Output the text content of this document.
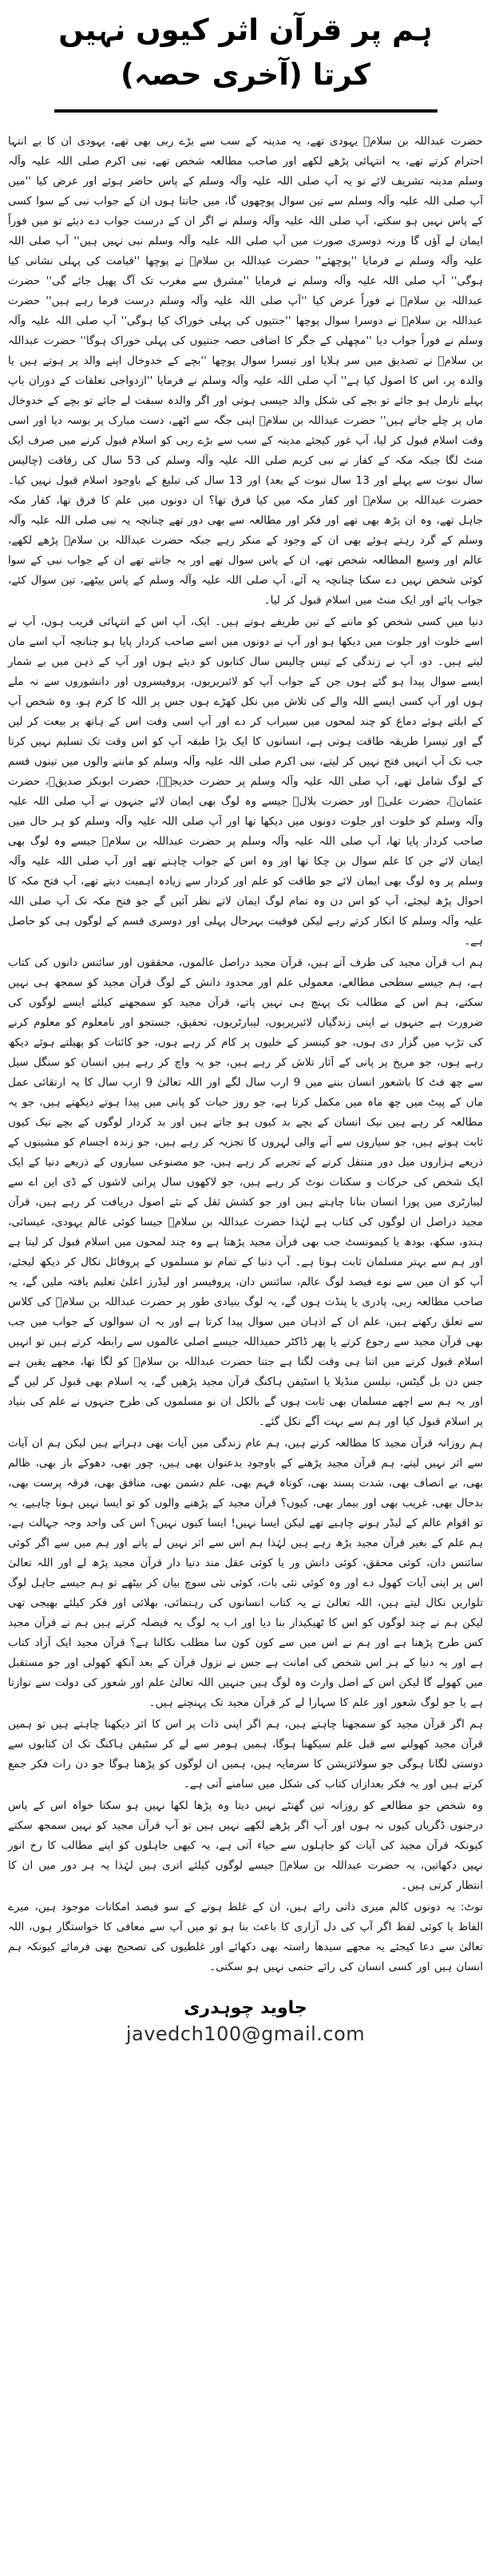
ہم پر قرآن اثر کیوں نہیں کرتا (آخری حصہ)

حضرت عبداللہ بن سلامؓ یہودی تھے، یہ مدینہ کے سب سے بڑے ربی بھی تھے، یہودی ان کا بے انتہا احترام کرتے تھے، یہ انتہائی پڑھے لکھے اور صاحب مطالعہ شخص تھے، نبی اکرم صلی اللہ علیہ وآلہ وسلم مدینہ تشریف لائے تو یہ آپ صلی اللہ علیہ وآلہ وسلم کے پاس حاضر ہوئے اور عرض کیا ''میں آپ صلی اللہ علیہ وآلہ وسلم سے تین سوال پوچھوں گا، میں جانتا ہوں ان کے جواب نبی کے سوا کسی کے پاس نہیں ہو سکتے، آپ صلی اللہ علیہ وآلہ وسلم نے اگر ان کے درست جواب دے دیئے تو میں فوراً ایمان لے آؤں گا ورنہ دوسری صورت میں آپ صلی اللہ علیہ وآلہ وسلم نبی نہیں ہیں'' آپ صلی اللہ علیہ وآلہ وسلم نے فرمایا ''پوچھئے'' حضرت عبداللہ بن سلامؓ نے پوچھا ''قیامت کی پہلی نشانی کیا ہوگی'' آپ صلی اللہ علیہ وآلہ وسلم نے فرمایا ''مشرق سے مغرب تک آگ پھیل جائے گی'' حضرت عبداللہ بن سلامؓ نے فوراً عرض کیا ''آپ صلی اللہ علیہ وآلہ وسلم درست فرما رہے ہیں'' حضرت عبداللہ بن سلامؓ نے دوسرا سوال پوچھا ''جنتیوں کی پہلی خوراک کیا ہوگی'' آپ صلی اللہ علیہ وآلہ وسلم نے فوراً جواب دیا ''مچھلی کے جگر کا اضافی حصہ جنتیوں کی پہلی خوراک ہوگا'' حضرت عبداللہ بن سلامؓ نے تصدیق میں سر ہلایا اور تیسرا سوال پوچھا ''بچے کے خدوخال اپنے والد پر ہوتے ہیں یا والدہ پر، اس کا اصول کیا ہے'' آپ صلی اللہ علیہ وآلہ وسلم نے فرمایا ''ازدواجی تعلقات کے دوران باپ پہلے نارمل ہو جائے تو بچے کی شکل والد جیسی ہوتی اور اگر والدہ سبقت لے جائے تو بچے کے خدوخال ماں پر چلے جاتے ہیں'' حضرت عبداللہ بن سلامؓ اپنی جگہ سے اٹھے، دست مبارک پر بوسہ دیا اور اسی وقت اسلام قبول کر لیا، آپ غور کیجئے مدینہ کے سب سے بڑے ربی کو اسلام قبول کرنے میں صرف ایک منٹ لگا جبکہ مکہ کے کفار نے نبی کریم صلی اللہ علیہ وآلہ وسلم کی 53 سال کی رفاقت (چالیس سال نبوت سے پہلے اور 13 سال نبوت کے بعد) اور 13 سال کی تبلیغ کے باوجود اسلام قبول نہیں کیا۔ حضرت عبداللہ بن سلامؓ اور کفار مکہ میں کیا فرق تھا؟ ان دونوں میں علم کا فرق تھا، کفار مکہ جاہل تھے، وہ ان پڑھ بھی تھے اور فکر اور مطالعہ سے بھی دور تھے چنانچہ یہ نبی صلی اللہ علیہ وآلہ وسلم کے گرد رہتے ہوئے بھی ان کے وجود کے منکر رہے جبکہ حضرت عبداللہ بن سلامؓ پڑھے لکھے، عالم اور وسیع المطالعہ شخص تھے، ان کے پاس سوال تھے اور یہ جانتے تھے ان کے جواب نبی کے سوا کوئی شخص نہیں دے سکتا چنانچہ یہ آئے، آپ صلی اللہ علیہ وآلہ وسلم کے پاس بیٹھے، تین سوال کئے، جواب پائے اور ایک منٹ میں اسلام قبول کر لیا۔

دنیا میں کسی شخص کو ماننے کے تین طریقے ہوتے ہیں۔ ایک، آپ اس کے انتہائی قریب ہوں، آپ نے اسے خلوت اور جلوت میں دیکھا ہو اور آپ نے دونوں میں اسے صاحب کردار پایا ہو چنانچہ آپ اسے مان لیتے ہیں۔ دو، آپ نے زندگی کے تیس چالیس سال کتابوں کو دیئے ہوں اور آپ کے ذہن میں بے شمار ایسے سوال پیدا ہو گئے ہوں جن کے جواب آپ کو لائبریریوں، پروفیسروں اور دانشوروں سے نہ ملے ہوں اور آپ کسی ایسے اللہ والے کی تلاش میں نکل کھڑے ہوں جس پر اللہ کا کرم ہو، وہ شخص آپ کے ابلتے ہوئے دماغ کو چند لمحوں میں سیراب کر دے اور آپ اسی وقت اس کے ہاتھ پر بیعت کر لیں گے اور تیسرا طریقہ طاقت ہوتی ہے، انسانوں کا ایک بڑا طبقہ آپ کو اس وقت تک تسلیم نہیں کرتا جب تک آپ انہیں فتح نہیں کر لیتے، نبی اکرم صلی اللہ علیہ وآلہ وسلم کو ماننے والوں میں تینوں قسم کے لوگ شامل تھے، آپ صلی اللہ علیہ وآلہ وسلم پر حضرت خدیجہؓ، حضرت ابوبکر صدیقؓ، حضرت عثمانؓ، حضرت علیؓ اور حضرت بلالؓ جیسے وہ لوگ بھی ایمان لائے جنہوں نے آپ صلی اللہ علیہ وآلہ وسلم کو خلوت اور جلوت دونوں میں دیکھا تھا اور آپ صلی اللہ علیہ وآلہ وسلم کو ہر حال میں صاحب کردار پایا تھا، آپ صلی اللہ علیہ وآلہ وسلم پر حضرت عبداللہ بن سلامؓ جیسے وہ لوگ بھی ایمان لائے جن کا علم سوال بن چکا تھا اور وہ اس کے جواب چاہتے تھے اور آپ صلی اللہ علیہ وآلہ وسلم پر وہ لوگ بھی ایمان لائے جو طاقت کو علم اور کردار سے زیادہ اہمیت دیتے تھے، آپ فتح مکہ کا احوال پڑھ لیجئے، آپ کو اس دن وہ تمام لوگ ایمان لاتے نظر آئیں گے جو فتح مکہ تک آپ صلی اللہ علیہ وآلہ وسلم کا انکار کرتے رہے لیکن فوقیت بہرحال پہلی اور دوسری قسم کے لوگوں ہی کو حاصل ہے۔

ہم اب قرآن مجید کی طرف آتے ہیں، قرآن مجید دراصل عالموں، محققوں اور سائنس دانوں کی کتاب ہے، ہم جیسے سطحی مطالعے، معمولی علم اور محدود دانش کے لوگ قرآن مجید کو سمجھ ہی نہیں سکتے، ہم اس کے مطالب تک پہنچ ہی نہیں پاتے، قرآن مجید کو سمجھنے کیلئے ایسے لوگوں کی ضرورت ہے جنہوں نے اپنی زندگیاں لائبریریوں، لیبارٹریوں، تحقیق، جستجو اور نامعلوم کو معلوم کرنے کی تڑپ میں گزار دی ہوں، جو کینسر کے خلیوں پر کام کر رہے ہوں، جو کائنات کو پھیلتے ہوئے دیکھ رہے ہوں، جو مریخ پر پانی کے آثار تلاش کر رہے ہیں، جو یہ واچ کر رہے ہیں انسان کو سنگل سیل سے چھ فٹ کا باشعور انسان بننے میں 9 ارب سال لگے اور اللہ تعالیٰ 9 ارب سال کا یہ ارتقائی عمل ماں کے پیٹ میں چھ ماہ میں مکمل کرتا ہے، جو روز حیات کو پانی میں پیدا ہوتے دیکھتے ہیں، جو یہ مطالعہ کر رہے ہیں نیک انسان کے بچے بد کیوں ہو جاتے ہیں اور بد کردار لوگوں کے بچے نیک کیوں ثابت ہوتے ہیں، جو سیاروں سے آنے والی لہروں کا تجزیہ کر رہے ہیں، جو زندہ اجسام کو مشینوں کے ذریعے ہزاروں میل دور منتقل کرنے کے تجربے کر رہے ہیں، جو مصنوعی سیاروں کے ذریعے دنیا کے ایک ایک شخص کی حرکات و سکنات نوٹ کر رہے ہیں، جو لاکھوں سال پرانی لاشوں کے ڈی این اے سے لیبارٹری میں پورا انسان بنانا چاہتے ہیں اور جو کشش ثقل کے نئے اصول دریافت کر رہے ہیں، قرآن مجید دراصل ان لوگوں کی کتاب ہے لہٰذا حضرت عبداللہ بن سلامؓ جیسا کوئی عالم یہودی، عیسائی، ہندو، سکھ، بودھ یا کیمونسٹ جب بھی قرآن مجید پڑھتا ہے وہ چند لمحوں میں اسلام قبول کر لیتا ہے اور ہم سے بہتر مسلمان ثابت ہوتا ہے۔ آپ دنیا کے تمام نو مسلموں کے پروفائل نکال کر دیکھ لیجئے، آپ کو ان میں سے نوے فیصد لوگ عالم، سائنس دان، پروفیسر اور لیڈرز اعلیٰ تعلیم یافتہ ملیں گے، یہ صاحب مطالعہ ربی، پادری یا پنڈت ہوں گے، یہ لوگ بنیادی طور پر حضرت عبداللہ بن سلامؓ کی کلاس سے تعلق رکھتے ہیں، علم ان کے اذہان میں سوال پیدا کرتا ہے اور یہ ان سوالوں کے جواب میں جب بھی قرآن مجید سے رجوع کرتے یا پھر ڈاکٹر حمیداللہ جیسے اصلی عالموں سے رابطہ کرتے ہیں تو انہیں اسلام قبول کرنے میں اتنا ہی وقت لگتا ہے جتنا حضرت عبداللہ بن سلامؓ کو لگا تھا، مجھے یقین ہے جس دن بل گیٹس، نیلسن منڈیلا یا اسٹیفن ہاکنگ قرآن مجید پڑھیں گے، یہ اسلام بھی قبول کر لیں گے اور یہ ہم سے اچھے مسلمان بھی ثابت ہوں گے بالکل ان نو مسلموں کی طرح جنہوں نے علم کی بنیاد پر اسلام قبول کیا اور ہم سے بہت آگے نکل گئے۔

ہم روزانہ قرآن مجید کا مطالعہ کرتے ہیں، ہم عام زندگی میں آیات بھی دہراتے ہیں لیکن ہم ان آیات سے اثر نہیں لیتے، ہم قرآن مجید پڑھنے کے باوجود بدعنوان بھی ہیں، چور بھی، دھوکے باز بھی، ظالم بھی، بے انصاف بھی، شدت پسند بھی، کوتاہ فہم بھی، علم دشمن بھی، منافق بھی، فرقہ پرست بھی، بدحال بھی، غریب بھی اور بیمار بھی، کیوں؟ قرآن مجید کے پڑھنے والوں کو تو ایسا نہیں ہونا چاہیے، یہ تو اقوام عالم کے لیڈر ہونے چاہیے تھے لیکن ایسا نہیں! ایسا کیوں نہیں؟ اس کی واحد وجہ جہالت ہے، ہم علم کے بغیر قرآن مجید پڑھ رہے ہیں لہٰذا ہم اس سے اثر نہیں لے پاتے اور ہم میں سے اگر کوئی سائنس دان، کوئی محقق، کوئی دانش ور یا کوئی عقل مند دنیا دار قرآن مجید پڑھ لے اور اللہ تعالیٰ اس پر اپنی آیات کھول دے اور وہ کوئی نئی بات، کوئی نئی سوچ بیان کر بیٹھے تو ہم جیسے جاہل لوگ تلواریں نکال لیتے ہیں، اللہ تعالیٰ نے یہ کتاب انسانوں کی رہنمائی، بھلائی اور فکر کیلئے بھیجی تھی لیکن ہم نے چند لوگوں کو اس کا ٹھیکیدار بنا دیا اور اب یہ لوگ یہ فیصلہ کرتے ہیں ہم نے قرآن مجید کس طرح پڑھنا ہے اور ہم نے اس میں سے کون کون سا مطلب نکالنا ہے؟ قرآن مجید ایک آزاد کتاب ہے اور یہ دنیا کے ہر اس شخص کی امانت ہے جس نے نزول قرآن کے بعد آنکھ کھولی اور جو مستقبل میں کھولے گا لیکن اس کے اصل وارث وہ لوگ ہیں جنہیں اللہ تعالیٰ علم اور شعور کی دولت سے نوازتا ہے یا جو لوگ شعور اور علم کا سہارا لے کر قرآن مجید تک پہنچتے ہیں۔

ہم اگر قرآن مجید کو سمجھنا چاہتے ہیں، ہم اگر اپنی ذات پر اس کا اثر دیکھنا چاہتے ہیں تو ہمیں قرآن مجید کھولنے سے قبل علم سیکھنا ہوگا، ہمیں ہومر سے لے کر سٹیفن ہاکنگ تک ان کتابوں سے دوستی لگانا ہوگی جو سولائزیشن کا سرمایہ ہیں، ہمیں ان لوگوں کو پڑھنا ہوگا جو دن رات فکر جمع کرتے ہیں اور یہ فکر بعدازاں کتاب کی شکل میں سامنے آتی ہے۔

وہ شخص جو مطالعے کو روزانہ تین گھنٹے نہیں دیتا وہ پڑھا لکھا نہیں ہو سکتا خواہ اس کے پاس درجنوں ڈگریاں کیوں نہ ہوں اور آپ اگر پڑھے لکھے نہیں ہیں تو آپ قرآن مجید کو نہیں سمجھ سکتے کیونکہ قرآن مجید کی آیات کو جاہلوں سے حیاء آتی ہے، یہ کبھی جاہلوں کو اپنے مطالب کا رخ انور نہیں دکھاتیں، یہ حضرت عبداللہ بن سلامؓ جیسے لوگوں کیلئے اتری ہیں لہٰذا یہ ہر دور میں ان کا انتظار کرتی ہیں۔

نوٹ: یہ دونوں کالم میری ذاتی رائے ہیں، ان کے غلط ہونے کے سو فیصد امکانات موجود ہیں، میرے الفاظ یا کوئی لفظ اگر آپ کی دل آزاری کا باعث بنا ہو تو میں آپ سے معافی کا خواستگار ہوں، اللہ تعالیٰ سے دعا کیجئے یہ مجھے سیدھا راستہ بھی دکھائے اور غلطیوں کی تصحیح بھی فرمائے کیونکہ ہم انسان ہیں اور کسی انسان کی رائے حتمی نہیں ہو سکتی۔

جاوید چوہدری
javedch100@gmail.com
